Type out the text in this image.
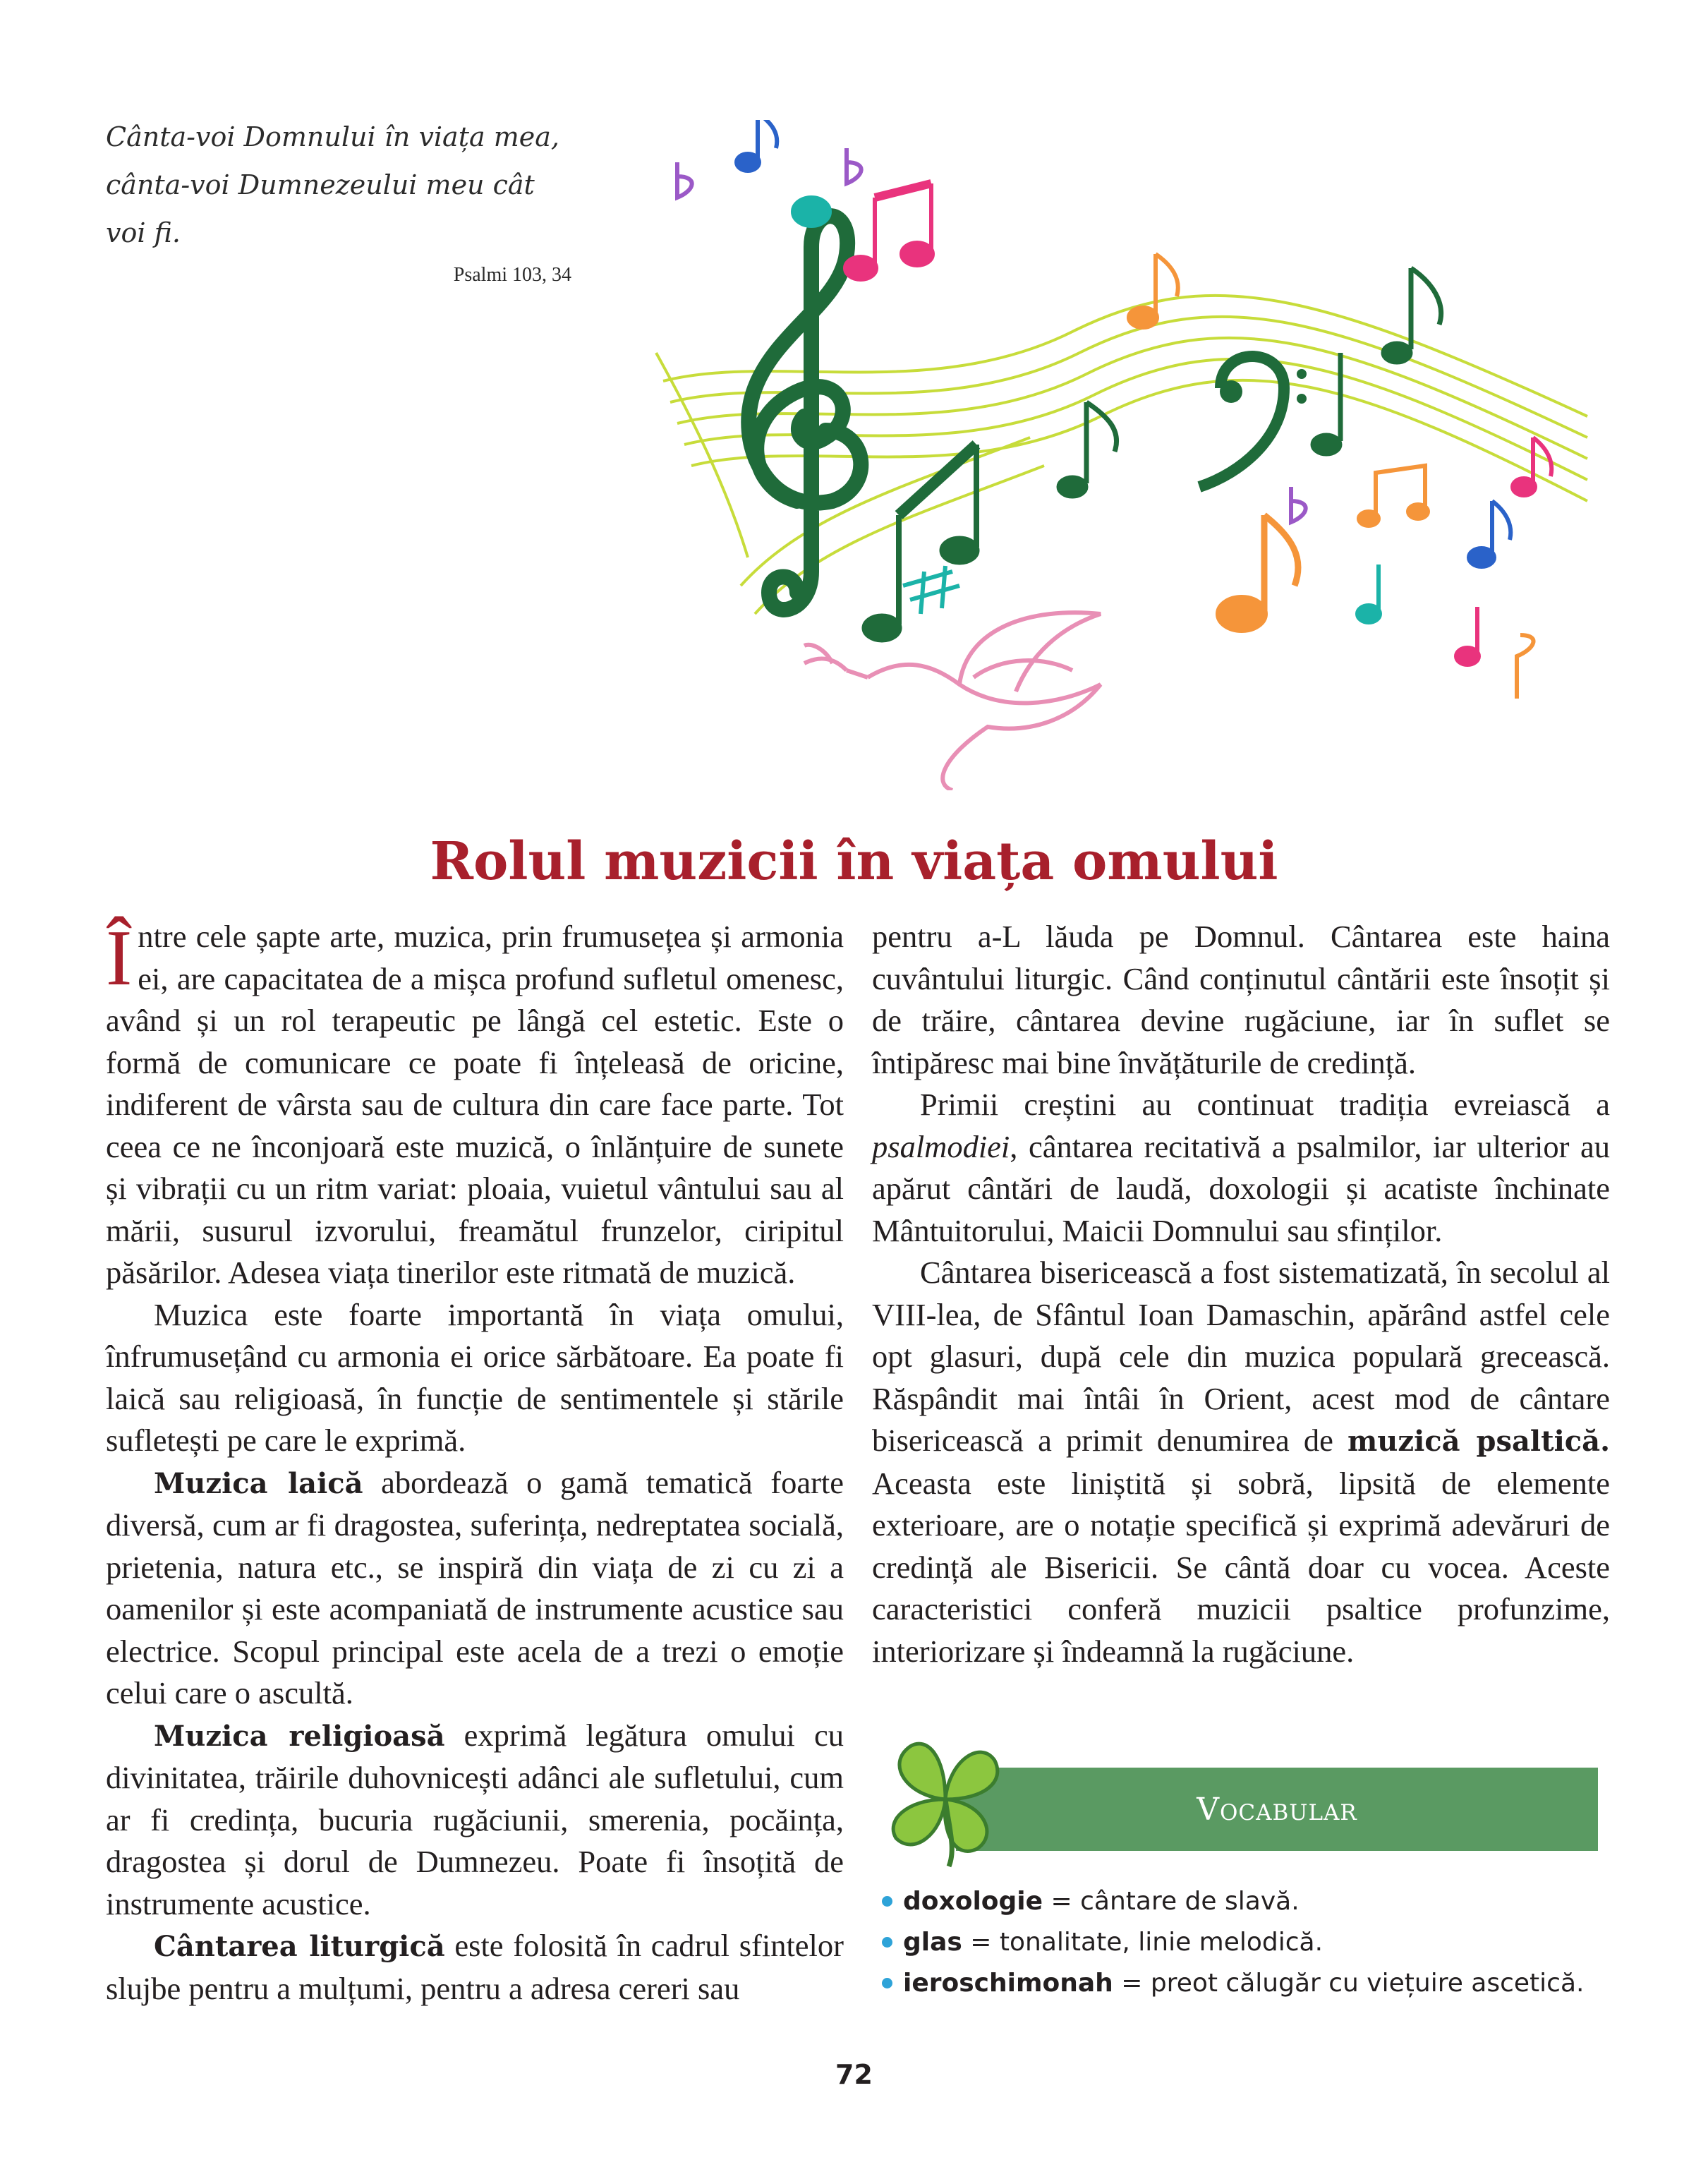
Cânta-voi Domnului în viața mea,
cânta-voi Dumnezeului meu cât voi fi.
Psalmi 103, 34
Rolul muzicii în viața omului

Între cele șapte arte, muzica, prin frumusețea și armonia ei, are capacitatea de a mișca profund sufletul omenesc, având și un rol terapeutic pe lângă cel estetic. Este o formă de comunicare ce poate fi înțeleasă de oricine, indiferent de vârsta sau de cultura din care face parte. Tot ceea ce ne înconjoară este muzică, o înlănțuire de sunete și vibrații cu un ritm variat: ploaia, vuietul vântului sau al mării, susurul izvorului, freamătul frunzelor, ciripitul păsărilor. Adesea viața tinerilor este ritmată de muzică.

Muzica este foarte importantă în viața omului, înfrumusețând cu armonia ei orice sărbătoare. Ea poate fi laică sau religioasă, în funcție de sentimentele și stările sufletești pe care le exprimă.

Muzica laică abordează o gamă tematică foarte diversă, cum ar fi dragostea, suferința, nedreptatea socială, prietenia, natura etc., se inspiră din viața de zi cu zi a oamenilor și este acompaniată de instrumente acustice sau electrice. Scopul principal este acela de a trezi o emoție celui care o ascultă.

Muzica religioasă exprimă legătura omului cu divinitatea, trăirile duhovnicești adânci ale sufletului, cum ar fi credința, bucuria rugăciunii, smerenia, pocăința, dragostea și dorul de Dumnezeu. Poate fi însoțită de instrumente acustice.

Cântarea liturgică este folosită în cadrul sfintelor slujbe pentru a mulțumi, pentru a adresa cereri sau

pentru a-L lăuda pe Domnul. Cântarea este haina cuvântului liturgic. Când conținutul cântării este însoțit și de trăire, cântarea devine rugăciune, iar în suflet se întipăresc mai bine învățăturile de credință.

Primii creștini au continuat tradiția evreiască a psalmodiei, cântarea recitativă a psalmilor, iar ulterior au apărut cântări de laudă, doxologii și acatiste închinate Mântuitorului, Maicii Domnului sau sfinților.

Cântarea bisericească a fost sistematizată, în secolul al VIII-lea, de Sfântul Ioan Damaschin, apărând astfel cele opt glasuri, după cele din muzica populară grecească. Răspândit mai întâi în Orient, acest mod de cântare bisericească a primit denumirea de muzică psaltică. Aceasta este liniștită și sobră, lipsită de elemente exterioare, are o notație specifică și exprimă adevăruri de credință ale Bisericii. Se cântă doar cu vocea. Aceste caracteristici conferă muzicii psaltice profunzime, interiorizare și îndeamnă la rugăciune.

Vocabular
doxologie = cântare de slavă.
glas = tonalitate, linie melodică.
ieroschimonah = preot călugăr cu viețuire ascetică.
72
